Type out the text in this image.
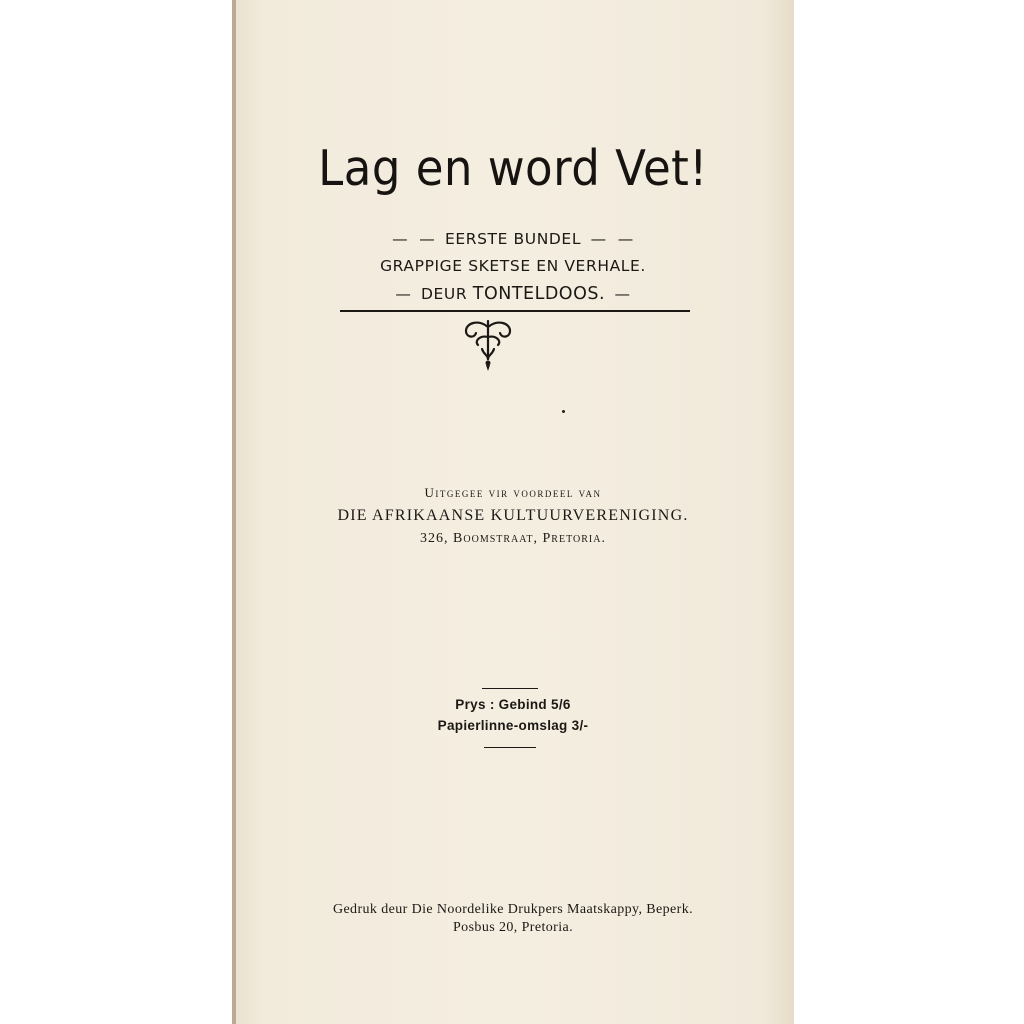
Lag en word Vet!
—  — EERSTE BUNDEL —  —
GRAPPIGE SKETSE EN VERHALE.
— DEUR TONTELDOOS. —
Uitgegee vir voordeel van
DIE AFRIKAANSE KULTUURVERENIGING.
326, Boomstraat, Pretoria.
Prys : Gebind 5/6
Papierlinne-omslag 3/-
Gedruk deur Die Noordelike Drukpers Maatskappy, Beperk.
Posbus 20, Pretoria.
